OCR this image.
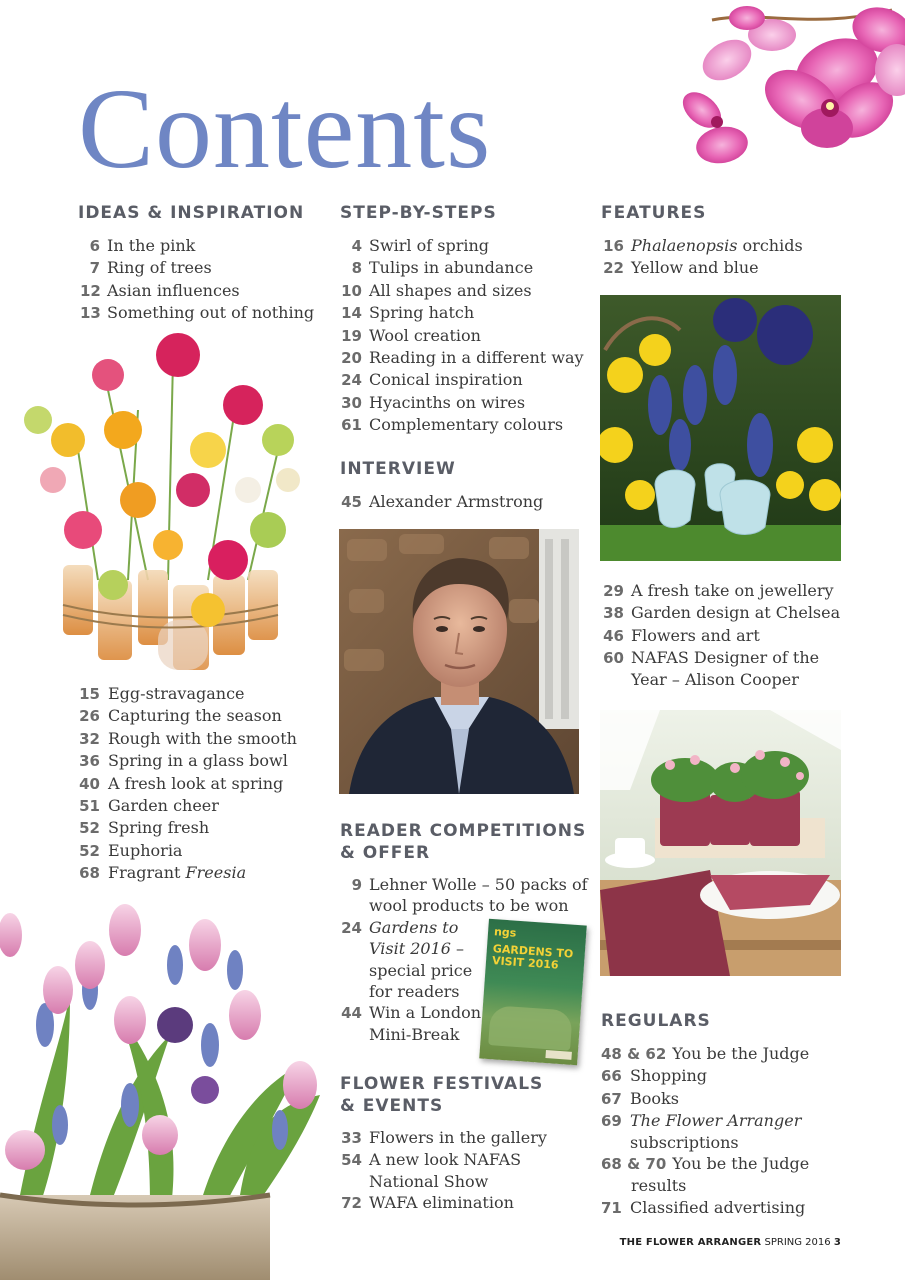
Contents
IDEAS & INSPIRATION
6 In the pink
7 Ring of trees
12 Asian influences
13 Something out of nothing
15 Egg-stravagance
26 Capturing the season
32 Rough with the smooth
36 Spring in a glass bowl
40 A fresh look at spring
51 Garden cheer
52 Spring fresh
52 Euphoria
68 Fragrant Freesia
STEP-BY-STEPS
4 Swirl of spring
8 Tulips in abundance
10 All shapes and sizes
14 Spring hatch
19 Wool creation
20 Reading in a different way
24 Conical inspiration
30 Hyacinths on wires
61 Complementary colours
INTERVIEW
45 Alexander Armstrong
READER COMPETITIONS
& OFFER
9 Lehner Wolle – 50 packs of
wool products to be won
24 Gardens to
Visit 2016 –
special price
for readers
44 Win a London
Mini-Break
ngs
GARDENS TO VISIT 2016
FLOWER FESTIVALS
& EVENTS
33 Flowers in the gallery
54 A new look NAFAS
National Show
72 WAFA elimination
FEATURES
16 Phalaenopsis orchids
22 Yellow and blue
29 A fresh take on jewellery
38 Garden design at Chelsea
46 Flowers and art
60 NAFAS Designer of the
Year – Alison Cooper
REGULARS
48 & 62 You be the Judge
66 Shopping
67 Books
69 The Flower Arranger
subscriptions
68 & 70 You be the Judge
results
71 Classified advertising
THE FLOWER ARRANGER SPRING 2016 3
